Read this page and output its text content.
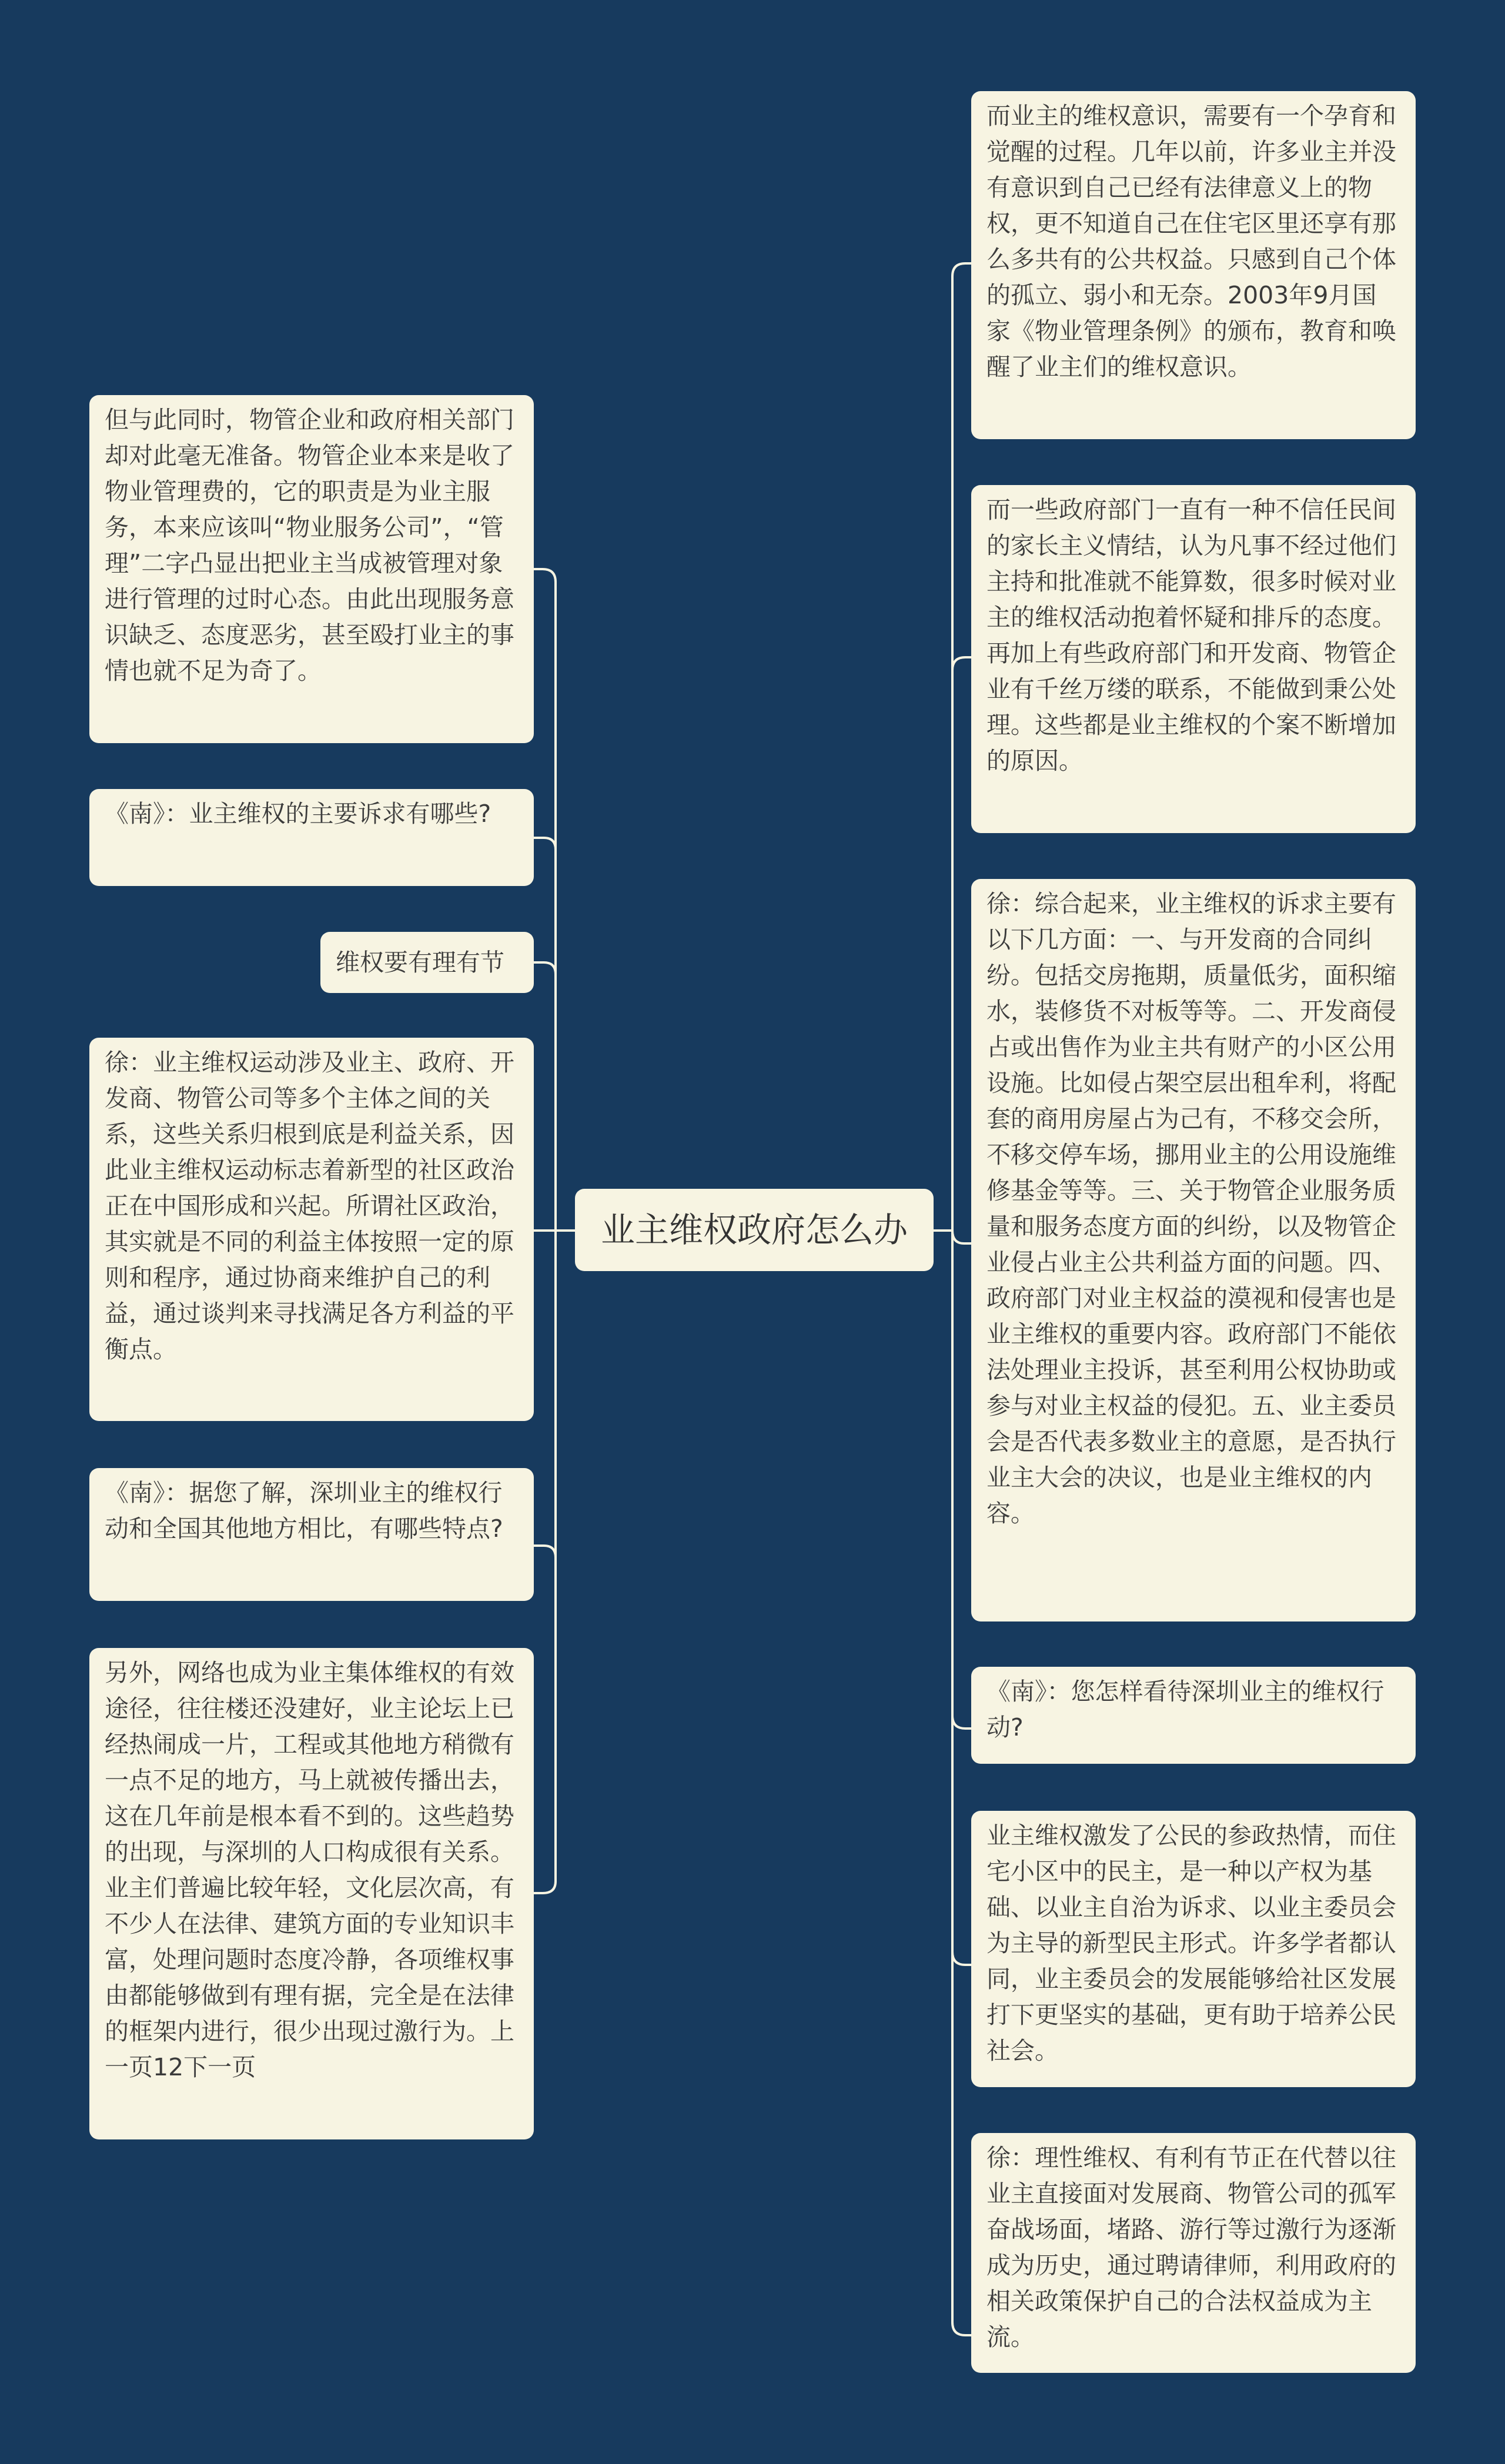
业主维权政府怎么办
但与此同时，物管企业和政府相关部门却对此毫无准备。物管企业本来是收了物业管理费的，它的职责是为业主服务，本来应该叫“物业服务公司”，“管理”二字凸显出把业主当成被管理对象进行管理的过时心态。由此出现服务意识缺乏、态度恶劣，甚至殴打业主的事情也就不足为奇了。
《南》：业主维权的主要诉求有哪些?
维权要有理有节
徐：业主维权运动涉及业主、政府、开发商、物管公司等多个主体之间的关系，这些关系归根到底是利益关系，因此业主维权运动标志着新型的社区政治正在中国形成和兴起。所谓社区政治，其实就是不同的利益主体按照一定的原则和程序，通过协商来维护自己的利益，通过谈判来寻找满足各方利益的平衡点。
《南》：据您了解，深圳业主的维权行动和全国其他地方相比，有哪些特点?
另外，网络也成为业主集体维权的有效途径，往往楼还没建好，业主论坛上已经热闹成一片，工程或其他地方稍微有一点不足的地方，马上就被传播出去，这在几年前是根本看不到的。这些趋势的出现，与深圳的人口构成很有关系。业主们普遍比较年轻，文化层次高，有不少人在法律、建筑方面的专业知识丰富，处理问题时态度冷静，各项维权事由都能够做到有理有据，完全是在法律的框架内进行，很少出现过激行为。上一页12下一页
而业主的维权意识，需要有一个孕育和觉醒的过程。几年以前，许多业主并没有意识到自己已经有法律意义上的物权，更不知道自己在住宅区里还享有那么多共有的公共权益。只感到自己个体的孤立、弱小和无奈。2003年9月国家《物业管理条例》的颁布，教育和唤醒了业主们的维权意识。
而一些政府部门一直有一种不信任民间的家长主义情结，认为凡事不经过他们主持和批准就不能算数，很多时候对业主的维权活动抱着怀疑和排斥的态度。再加上有些政府部门和开发商、物管企业有千丝万缕的联系，不能做到秉公处理。这些都是业主维权的个案不断增加的原因。
徐：综合起来，业主维权的诉求主要有以下几方面：一、与开发商的合同纠纷。包括交房拖期，质量低劣，面积缩水，装修货不对板等等。二、开发商侵占或出售作为业主共有财产的小区公用设施。比如侵占架空层出租牟利，将配套的商用房屋占为己有，不移交会所，不移交停车场，挪用业主的公用设施维修基金等等。三、关于物管企业服务质量和服务态度方面的纠纷，以及物管企业侵占业主公共利益方面的问题。四、政府部门对业主权益的漠视和侵害也是业主维权的重要内容。政府部门不能依法处理业主投诉，甚至利用公权协助或参与对业主权益的侵犯。五、业主委员会是否代表多数业主的意愿，是否执行业主大会的决议，也是业主维权的内容。
《南》：您怎样看待深圳业主的维权行动?
业主维权激发了公民的参政热情，而住宅小区中的民主，是一种以产权为基础、以业主自治为诉求、以业主委员会为主导的新型民主形式。许多学者都认同，业主委员会的发展能够给社区发展打下更坚实的基础，更有助于培养公民社会。
徐：理性维权、有利有节正在代替以往业主直接面对发展商、物管公司的孤军奋战场面，堵路、游行等过激行为逐渐成为历史，通过聘请律师，利用政府的相关政策保护自己的合法权益成为主流。
